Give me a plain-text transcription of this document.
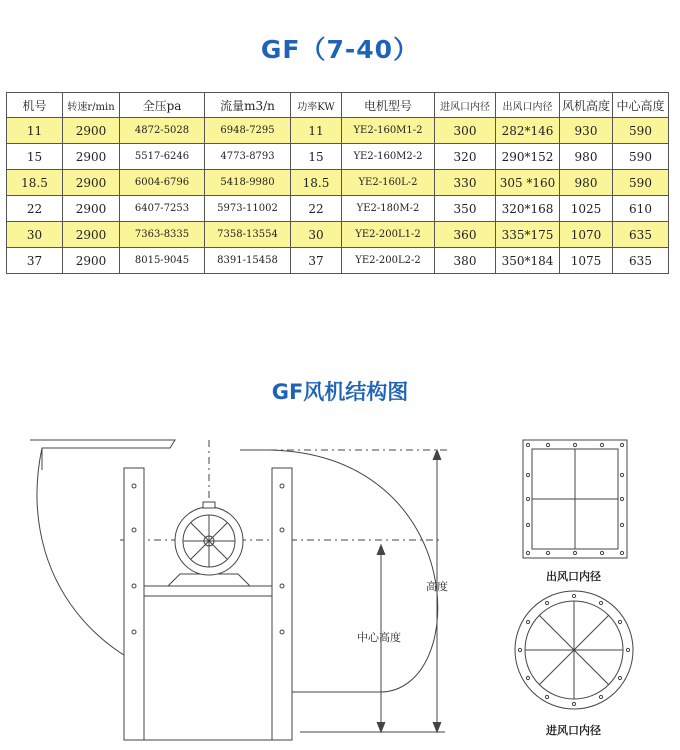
GF（7-40）
机号	转速r/min	全压pa	流量m3/n	功率KW	电机型号	进风口内径	出风口内径	风机高度	中心高度
11	2900	4872-5028	6948-7295	11	YE2-160M1-2	300	282*146	930	590
15	2900	5517-6246	4773-8793	15	YE2-160M2-2	320	290*152	980	590
18.5	2900	6004-6796	5418-9980	18.5	YE2-160L-2	330	305 *160	980	590
22	2900	6407-7253	5973-11002	22	YE2-180M-2	350	320*168	1025	610
30	2900	7363-8335	7358-13554	30	YE2-200L1-2	360	335*175	1070	635
37	2900	8015-9045	8391-15458	37	YE2-200L2-2	380	350*184	1075	635
GF风机结构图
高度
中心高度
出风口内径
进风口内径
